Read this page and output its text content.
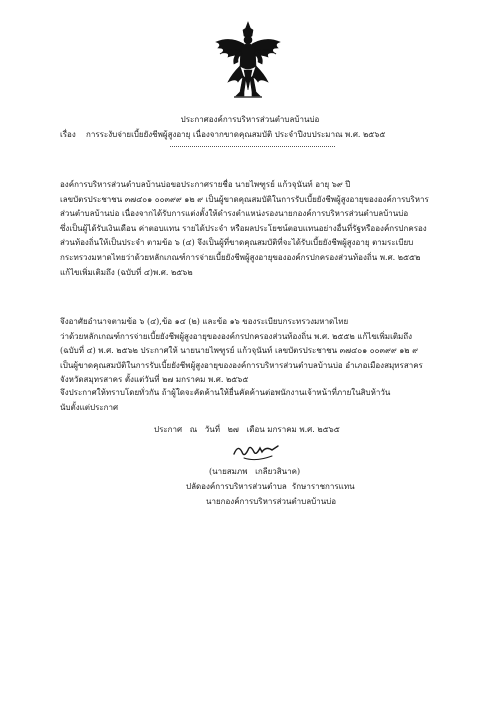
ประกาศองค์การบริหารส่วนตำบลบ้านบ่อ
เรื่อง การระงับจ่ายเบี้ยยังชีพผู้สูงอายุ เนื่องจากขาดคุณสมบัติ ประจำปีงบประมาณ พ.ศ. ๒๕๖๕
องค์การบริหารส่วนตำบลบ้านบ่อขอประกาศรายชื่อ นายไพฑูรย์ แก้วจุนันท์ อายุ ๖๙ ปี
เลขบัตรประชาชน ๓๗๔๐๑ ๐๐๓๙๙ ๑๒ ๙ เป็นผู้ขาดคุณสมบัติในการรับเบี้ยยังชีพผู้สูงอายุขององค์การบริหาร
ส่วนตำบลบ้านบ่อ เนื่องจากได้รับการแต่งตั้งให้ดำรงตำแหน่งรองนายกองค์การบริหารส่วนตำบลบ้านบ่อ
ซึ่งเป็นผู้ได้รับเงินเดือน ค่าตอบแทน รายได้ประจำ หรือผลประโยชน์ตอบแทนอย่างอื่นที่รัฐหรือองค์กรปกครอง
ส่วนท้องถิ่นให้เป็นประจำ ตามข้อ ๖ (๔) จึงเป็นผู้ที่ขาดคุณสมบัติที่จะได้รับเบี้ยยังชีพผู้สูงอายุ ตามระเบียบ
กระทรวงมหาดไทยว่าด้วยหลักเกณฑ์การจ่ายเบี้ยยังชีพผู้สูงอายุขององค์กรปกครองส่วนท้องถิ่น พ.ศ. ๒๕๕๒
แก้ไขเพิ่มเติมถึง (ฉบับที่ ๔)พ.ศ. ๒๕๖๒
จึงอาศัยอำนาจตามข้อ ๖ (๔),ข้อ ๑๔ (๒) และข้อ ๑๖ ของระเบียบกระทรวงมหาดไทย
ว่าด้วยหลักเกณฑ์การจ่ายเบี้ยยังชีพผู้สูงอายุขององค์กรปกครองส่วนท้องถิ่น พ.ศ. ๒๕๕๒ แก้ไขเพิ่มเติมถึง
(ฉบับที่ ๔) พ.ศ. ๒๕๖๒ ประกาศให้ นายนายไพฑูรย์ แก้วจุนันท์ เลขบัตรประชาชน ๓๗๔๐๑ ๐๐๓๙๙ ๑๒ ๙
เป็นผู้ขาดคุณสมบัติในการรับเบี้ยยังชีพผู้สูงอายุขององค์การบริหารส่วนตำบลบ้านบ่อ อำเภอเมืองสมุทรสาคร
จังหวัดสมุทรสาคร ตั้งแต่วันที่ ๒๗ มกราคม พ.ศ. ๒๕๖๕
จึงประกาศให้ทราบโดยทั่วกัน ถ้าผู้ใดจะคัดค้านให้ยื่นคัดค้านต่อพนักงานเจ้าหน้าที่ภายในสิบห้าวัน
นับตั้งแต่ประกาศ
ประกาศ   ณ   วันที่   ๒๗   เดือน มกราคม พ.ศ. ๒๕๖๕
(นายสมภพ   เกลียวสินาค)
ปลัดองค์การบริหารส่วนตำบล  รักษาราชการแทน
นายกองค์การบริหารส่วนตำบลบ้านบ่อ
